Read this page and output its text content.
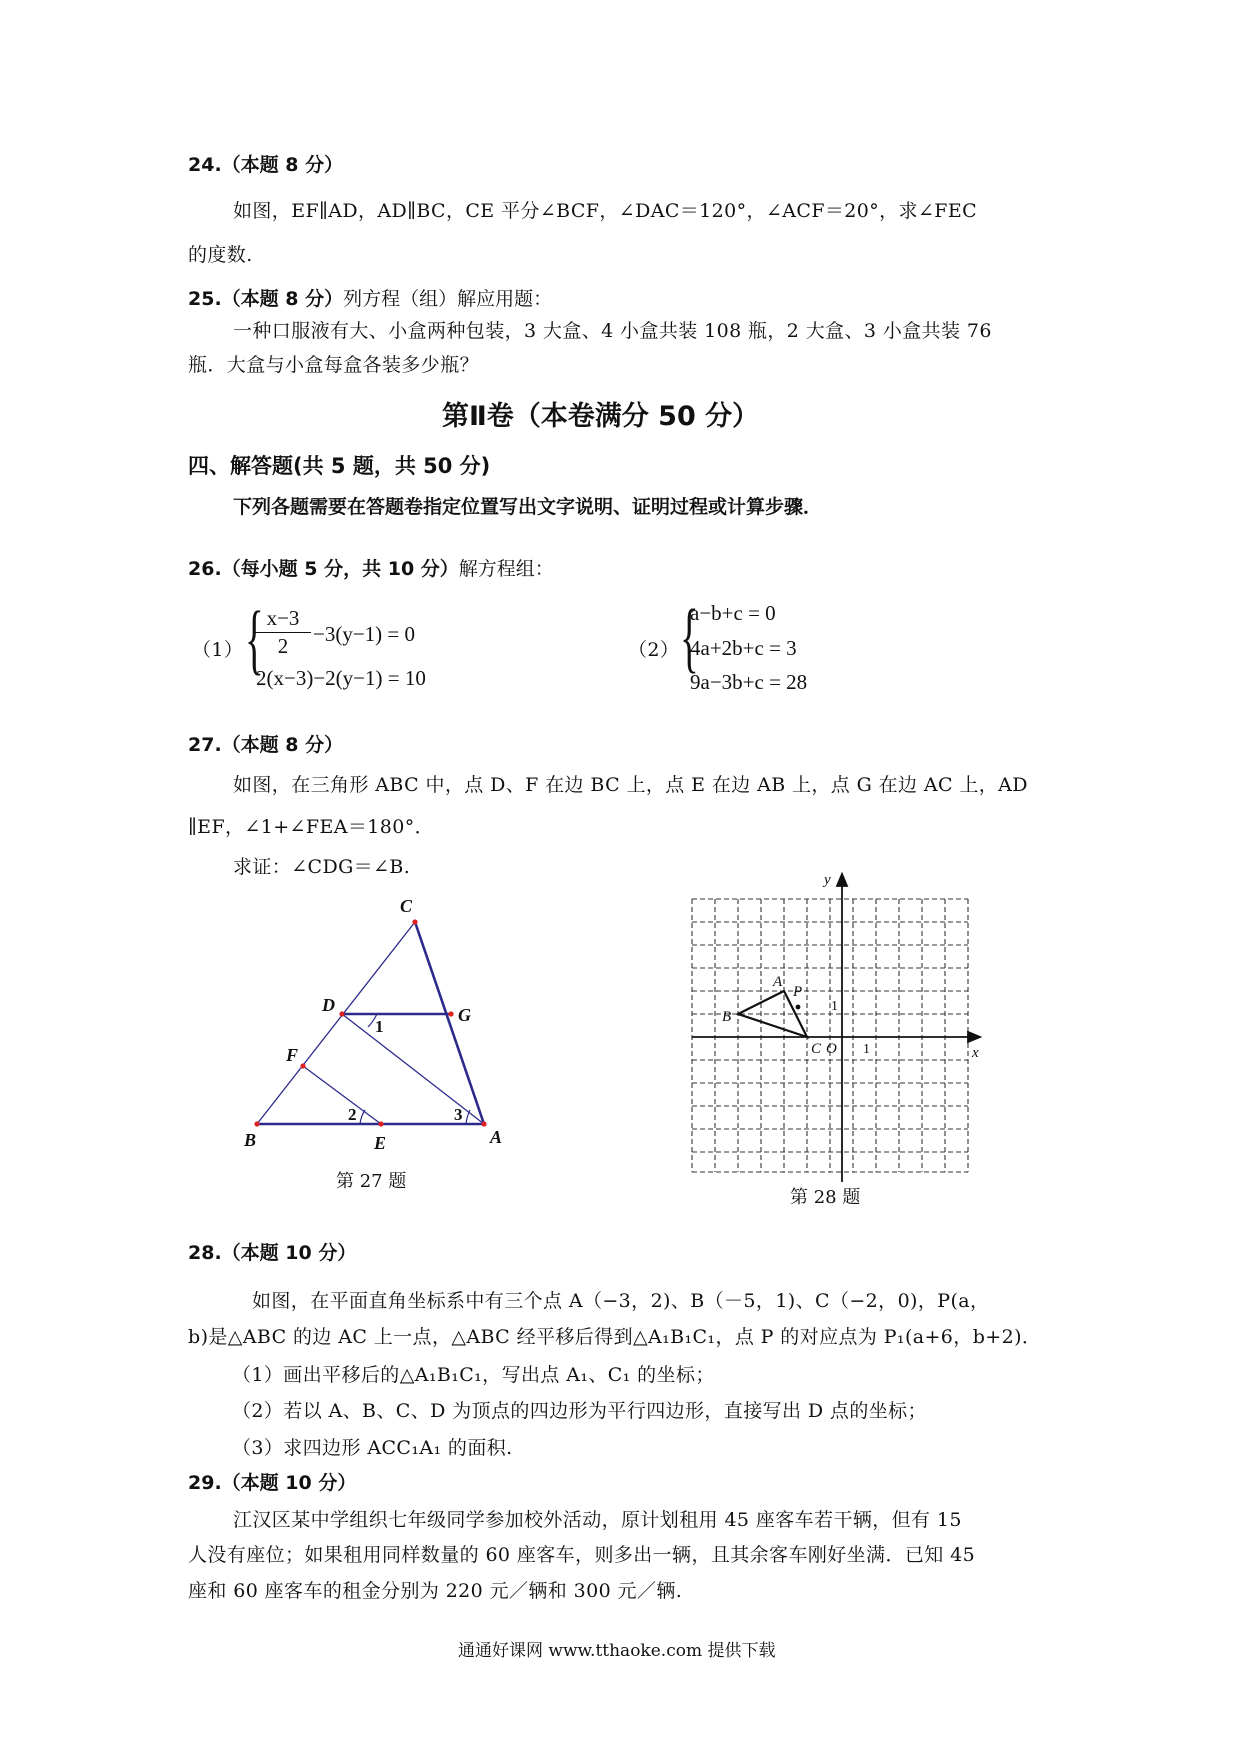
24.（本题 8 分）
如图，EF∥AD，AD∥BC，CE 平分∠BCF，∠DAC＝120°，∠ACF＝20°，求∠FEC
的度数.
25.（本题 8 分）列方程（组）解应用题：
一种口服液有大、小盒两种包装，3 大盒、4 小盒共装 108 瓶，2 大盒、3 小盒共装 76
瓶．大盒与小盒每盒各装多少瓶？
第Ⅱ卷（本卷满分 50 分）
四、解答题(共 5 题，共 50 分)
下列各题需要在答题卷指定位置写出文字说明、证明过程或计算步骤．
26.（每小题 5 分，共 10 分）解方程组：
（1） { x−3
2	−3(y−1) = 0
2(x−3)−2(y−1) = 10
（2） {
a−b+c = 0
4a+2b+c = 3
9a−3b+c = 28
27.（本题 8 分）
如图，在三角形 ABC 中，点 D、F 在边 BC 上，点 E 在边 AB 上，点 G 在边 AC 上，AD
∥EF，∠1+∠FEA＝180°．
求证：∠CDG＝∠B.
C
D	G
F
B	E	A
1
2	3
第 27 题
y
x
A
P
B
C O 1
1
第 28 题
28.（本题 10 分）
如图，在平面直角坐标系中有三个点 A（−3，2)、B（－5，1)、C（−2，0)，P(a，
b)是△ABC 的边 AC 上一点，△ABC 经平移后得到△A₁B₁C₁，点 P 的对应点为 P₁(a+6，b+2)．
（1）画出平移后的△A₁B₁C₁，写出点 A₁、C₁ 的坐标；
（2）若以 A、B、C、D 为顶点的四边形为平行四边形，直接写出 D 点的坐标；
（3）求四边形 ACC₁A₁ 的面积.
29.（本题 10 分）
江汉区某中学组织七年级同学参加校外活动，原计划租用 45 座客车若干辆，但有 15
人没有座位；如果租用同样数量的 60 座客车，则多出一辆，且其余客车刚好坐满．已知 45
座和 60 座客车的租金分别为 220 元／辆和 300 元／辆.
通通好课网 www.tthaoke.com 提供下载
